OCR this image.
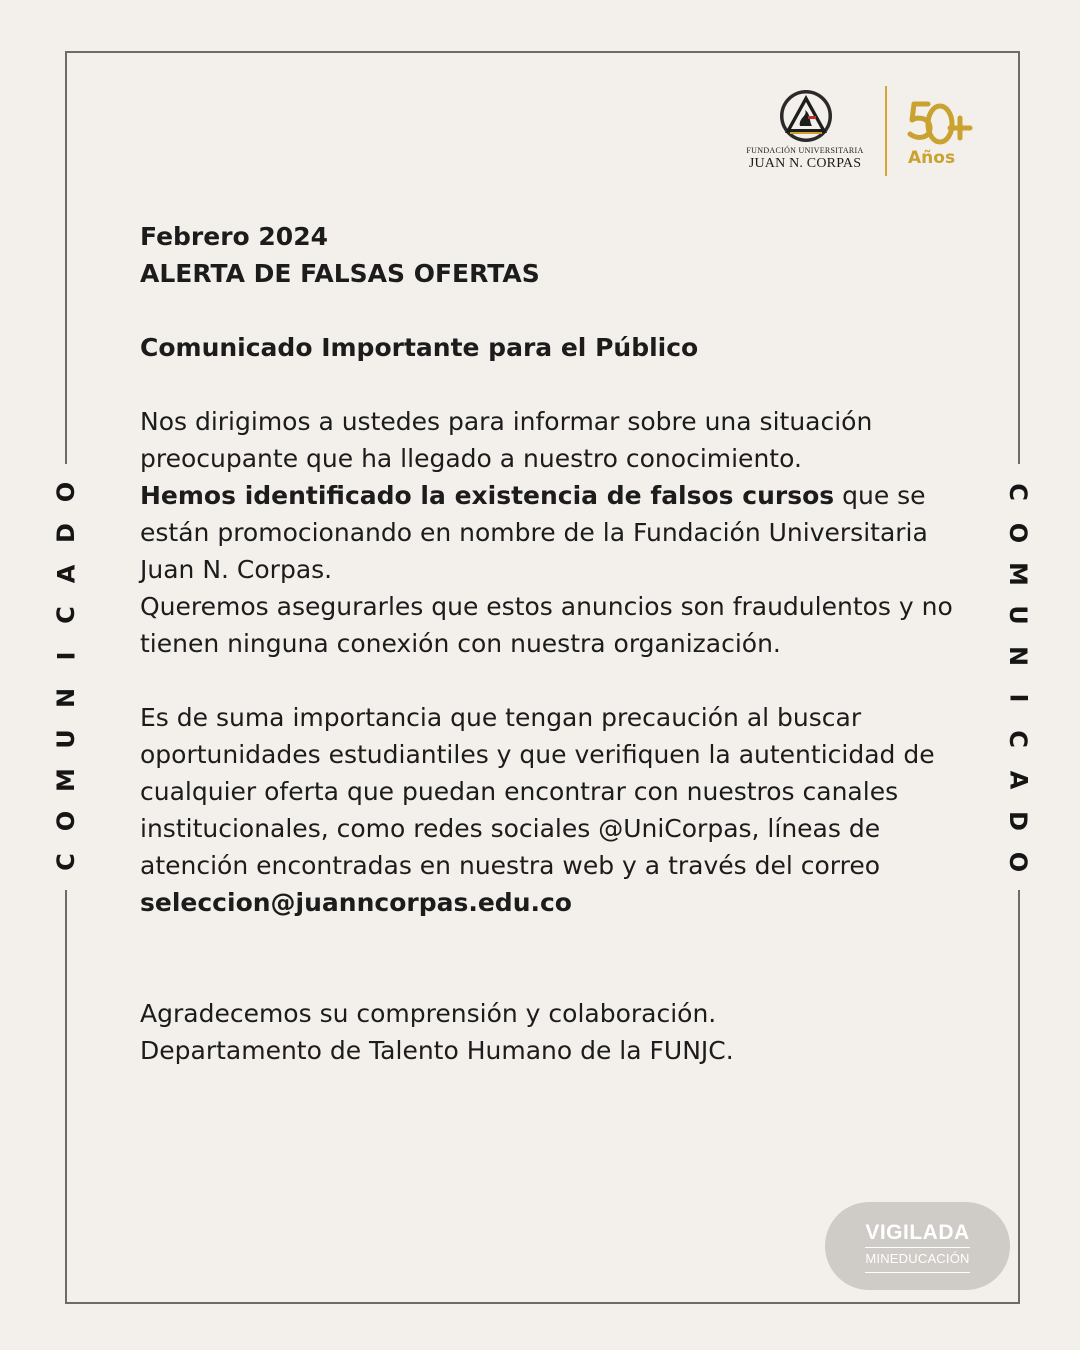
O
D
A
C
I
N
U
M
O
C
C
O
M
U
N
I
C
A
D
O
FUNDACIÓN UNIVERSITARIA
JUAN N. CORPAS	Años

Febrero 2024

ALERTA DE FALSAS OFERTAS

Comunicado Importante para el Público

Nos dirigimos a ustedes para informar sobre una situación preocupante que ha llegado a nuestro conocimiento.
Hemos identificado la existencia de falsos cursos que se están promocionando en nombre de la Fundación Universitaria Juan N. Corpas.

Queremos asegurarles que estos anuncios son fraudulentos y no tienen ninguna conexión con nuestra organización.

Es de suma importancia que tengan precaución al buscar oportunidades estudiantiles y que verifiquen la autenticidad de cualquier oferta que puedan encontrar con nuestros canales institucionales, como redes sociales @UniCorpas, líneas de atención encontradas en nuestra web y a través del correo seleccion@juanncorpas.edu.co

Agradecemos su comprensión y colaboración.

Departamento de Talento Humano de la FUNJC.

VIGILADA
MINEDUCACIÓN
